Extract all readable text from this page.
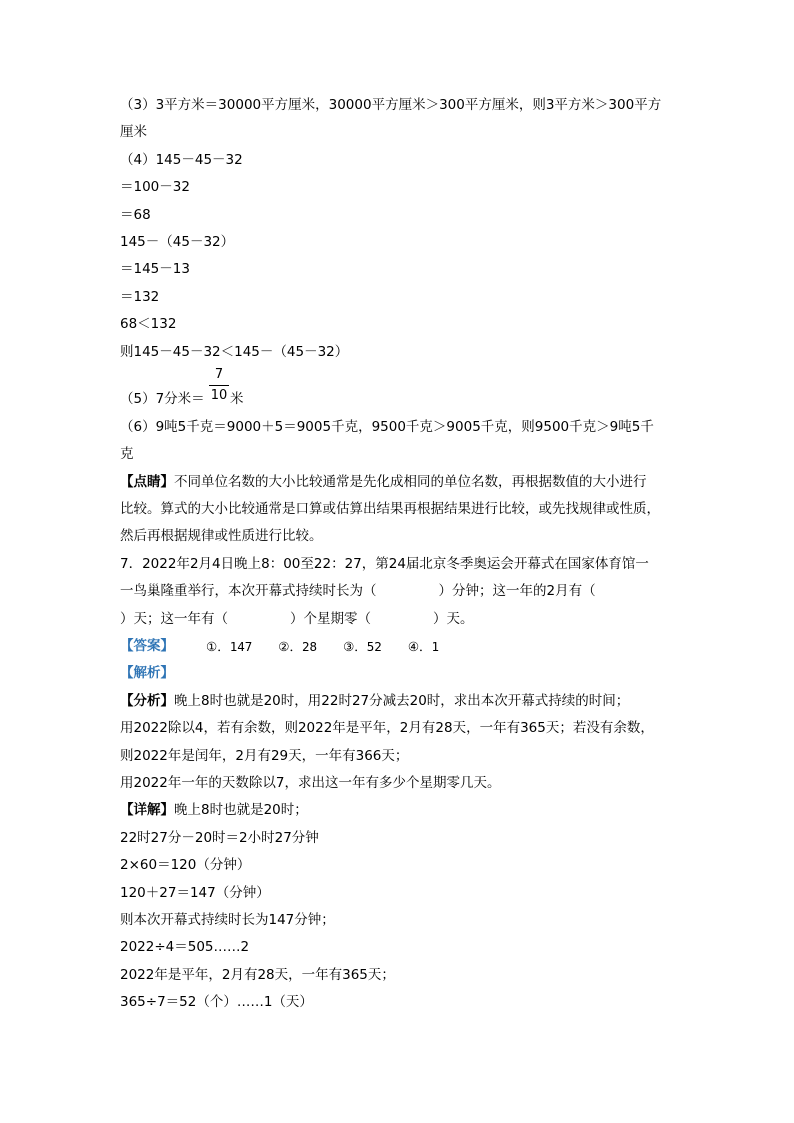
（3）3平方米＝30000平方厘米，30000平方厘米＞300平方厘米，则3平方米＞300平方
厘米
（4）145－45－32
＝100－32
＝68
145－（45－32）
＝145－13
＝132
68＜132
则145－45－32＜145－（45－32）
（5）7分米＝
7
10 米
（6）9吨5千克＝9000＋5＝9005千克，9500千克＞9005千克，则9500千克＞9吨5千
克
【点睛】不同单位名数的大小比较通常是先化成相同的单位名数，再根据数值的大小进行
比较。算式的大小比较通常是口算或估算出结果再根据结果进行比较，或先找规律或性质，
然后再根据规律或性质进行比较。
7．2022年2月4日晚上8：00至22：27，第24届北京冬季奥运会开幕式在国家体育馆一
一鸟巢隆重举行，本次开幕式持续时长为（	）分钟；这一年的2月有（
）天；这一年有（	）个星期零（	）天。
【答案】	①．147 ②．28 ③．52 ④．1
【解析】
【分析】晚上8时也就是20时，用22时27分减去20时，求出本次开幕式持续的时间；
用2022除以4，若有余数，则2022年是平年，2月有28天，一年有365天；若没有余数，
则2022年是闰年，2月有29天，一年有366天；
用2022年一年的天数除以7，求出这一年有多少个星期零几天。
【详解】晚上8时也就是20时；
22时27分－20时＝2小时27分钟
2×60＝120（分钟）
120＋27＝147（分钟）
则本次开幕式持续时长为147分钟；
2022÷4＝505……2
2022年是平年，2月有28天，一年有365天；
365÷7＝52（个）……1（天）
